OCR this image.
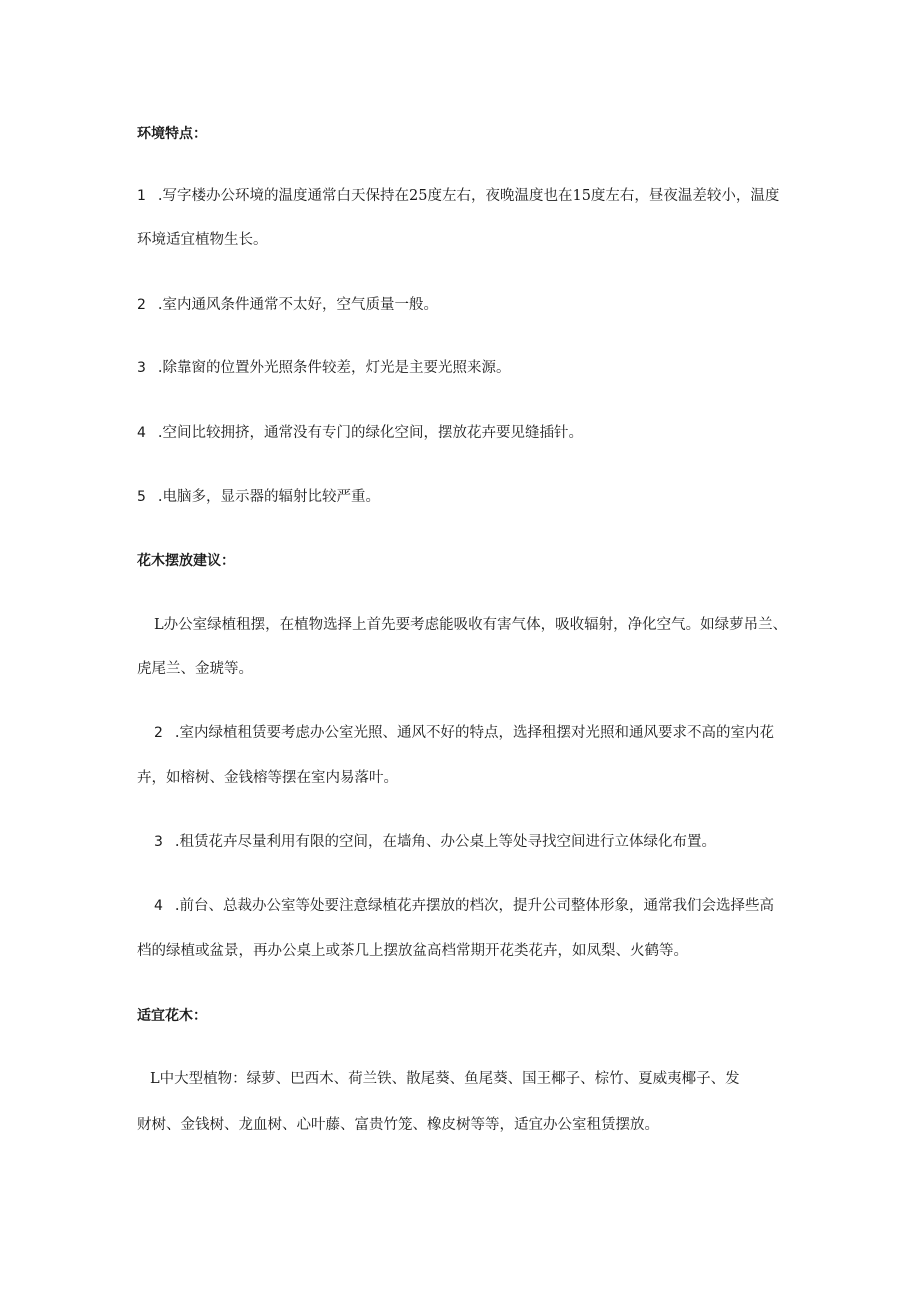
环境特点：
1 .写字楼办公环境的温度通常白天保持在25度左右，夜晚温度也在15度左右，昼夜温差较小，温度
环境适宜植物生长。
2 .室内通风条件通常不太好，空气质量一般。
3 .除靠窗的位置外光照条件较差，灯光是主要光照来源。
4 .空间比较拥挤，通常没有专门的绿化空间，摆放花卉要见缝插针。
5 .电脑多，显示器的辐射比较严重。
花木摆放建议：
L办公室绿植租摆，在植物选择上首先要考虑能吸收有害气体，吸收辐射，净化空气。如绿萝吊兰、
虎尾兰、金琥等。
2 .室内绿植租赁要考虑办公室光照、通风不好的特点，选择租摆对光照和通风要求不高的室内花
卉，如榕树、金钱榕等摆在室内易落叶。
3 .租赁花卉尽量利用有限的空间，在墙角、办公桌上等处寻找空间进行立体绿化布置。
4 .前台、总裁办公室等处要注意绿植花卉摆放的档次，提升公司整体形象，通常我们会选择些高
档的绿植或盆景，再办公桌上或茶几上摆放盆高档常期开花类花卉，如凤梨、火鹤等。
适宜花木：
L中大型植物：绿萝、巴西木、荷兰铁、散尾葵、鱼尾葵、国王椰子、棕竹、夏威夷椰子、发
财树、金钱树、龙血树、心叶藤、富贵竹笼、橡皮树等等，适宜办公室租赁摆放。
